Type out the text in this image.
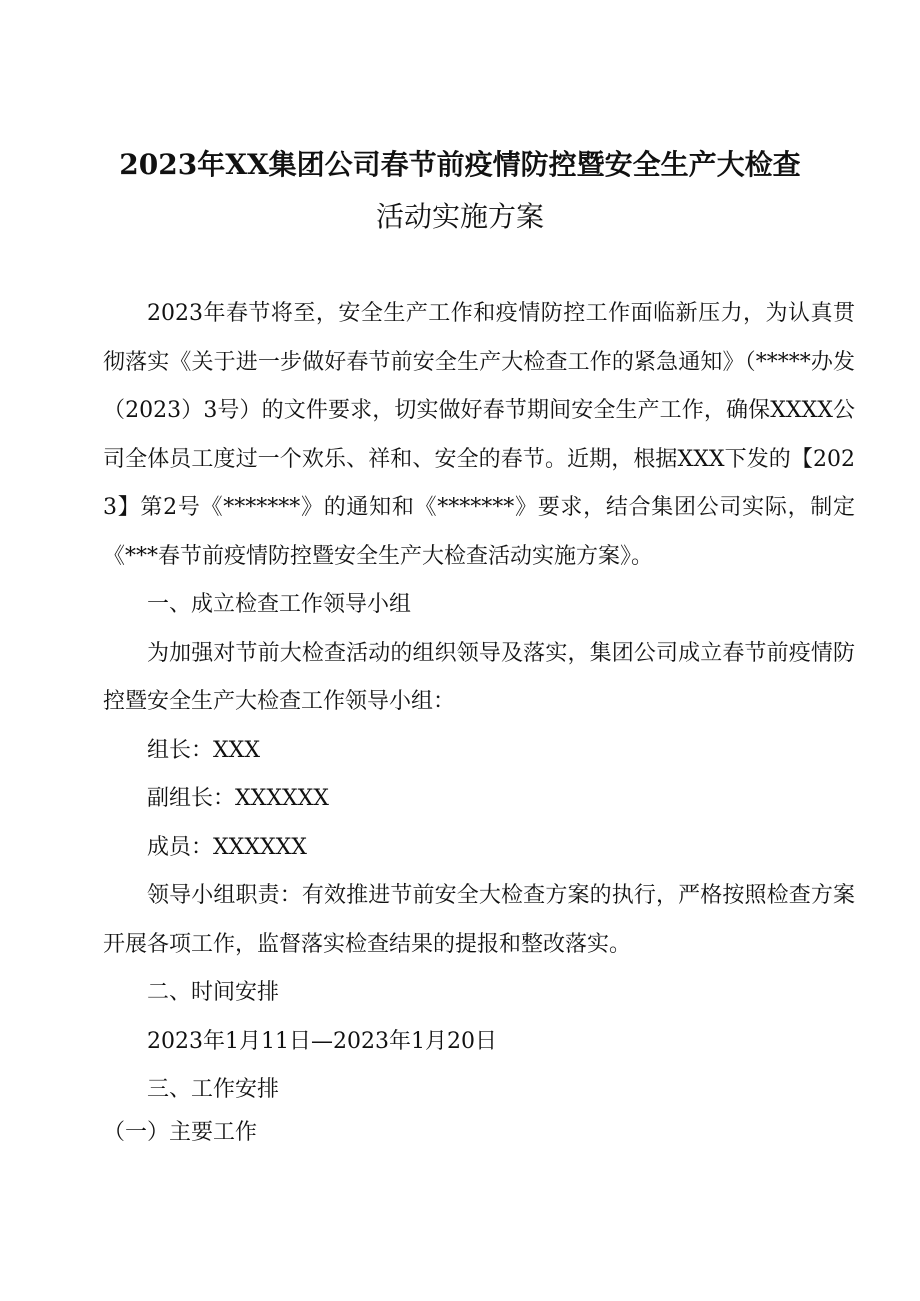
2023年XX集团公司春节前疫情防控暨安全生产大检查
活动实施方案

2023年春节将至，安全生产工作和疫情防控工作面临新压力，为认真贯彻落实《关于进一步做好春节前安全生产大检查工作的紧急通知》（*****办发（2023）3号）的文件要求，切实做好春节期间安全生产工作，确保XXXX公司全体员工度过一个欢乐、祥和、安全的春节。近期，根据XXX下发的【2023】第2号《*******》的通知和《*******》要求，结合集团公司实际，制定《***春节前疫情防控暨安全生产大检查活动实施方案》。

一、成立检查工作领导小组

为加强对节前大检查活动的组织领导及落实，集团公司成立春节前疫情防控暨安全生产大检查工作领导小组：

组长：XXX

副组长：XXXXXX

成员：XXXXXX

领导小组职责：有效推进节前安全大检查方案的执行，严格按照检查方案开展各项工作，监督落实检查结果的提报和整改落实。

二、时间安排

2023年1月11日—2023年1月20日

三、工作安排

（一）主要工作
